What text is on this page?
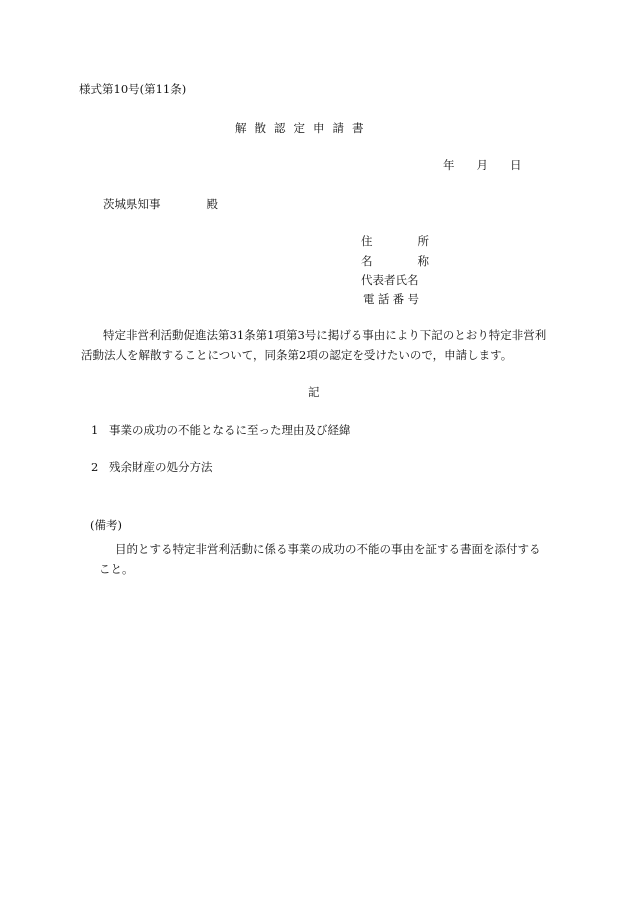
様式第10号(第11条)
解散認定申請書
年 月 日
茨城県知事	殿
住　所
名　称
代表者氏名
電話番号
特定非営利活動促進法第31条第1項第3号に掲げる事由により下記のとおり特定非営利
活動法人を解散することについて，同条第2項の認定を受けたいので，申請します。
記
1 事業の成功の不能となるに至った理由及び経緯
2 残余財産の処分方法
(備考)
目的とする特定非営利活動に係る事業の成功の不能の事由を証する書面を添付する
こと。
